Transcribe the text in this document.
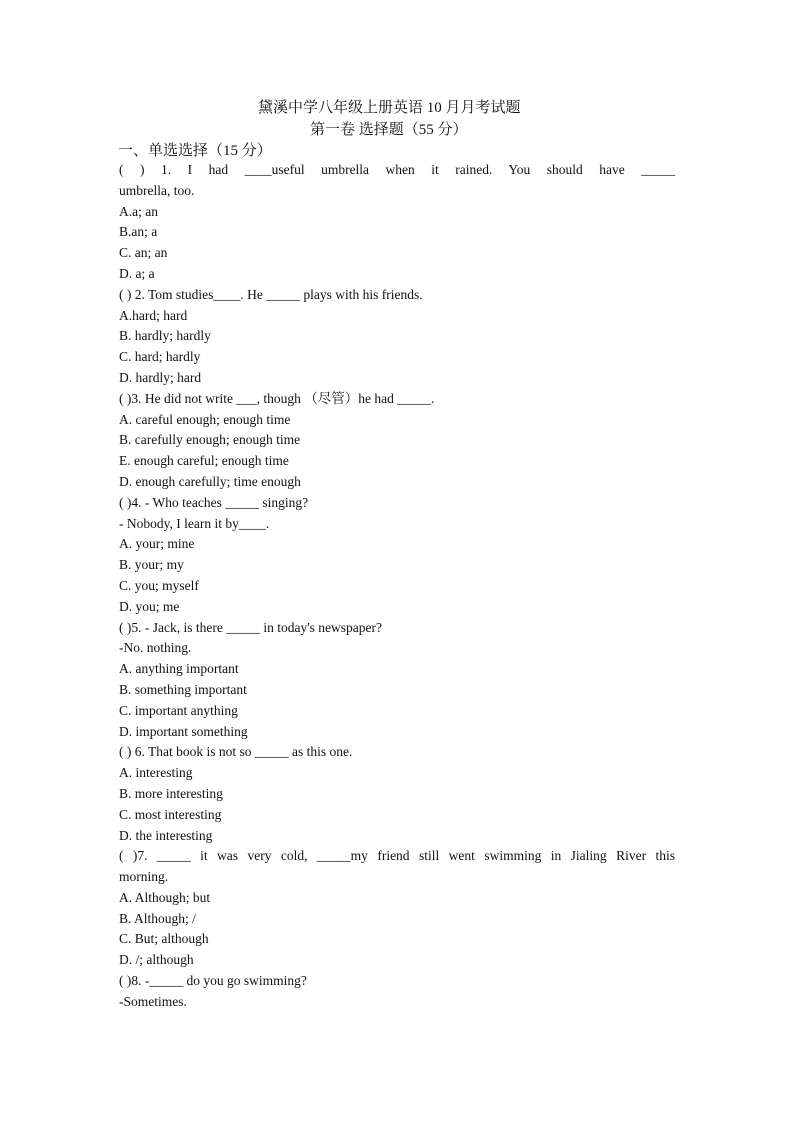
黛溪中学八年级上册英语 10 月月考试题
第一卷 选择题（55 分）
一、单选选择（15 分）
( ) 1. I had ____useful umbrella when it rained. You should have _____
umbrella, too.
A.a; an
B.an; a
C. an; an
D. a; a
( ) 2. Tom studies____. He _____ plays with his friends.
A.hard; hard
B. hardly; hardly
C. hard; hardly
D. hardly; hard
( )3. He did not write ___, though （尽管）he had _____.
A. careful enough; enough time
B. carefully enough; enough time
E. enough careful; enough time
D. enough carefully; time enough
( )4. - Who teaches _____ singing?
- Nobody, I learn it by____.
A. your; mine
B. your; my
C. you; myself
D. you; me
( )5. - Jack, is there _____ in today's newspaper?
-No. nothing.
A. anything important
B. something important
C. important anything
D. important something
( ) 6. That book is not so _____ as this one.
A. interesting
B. more interesting
C. most interesting
D. the interesting
( )7. _____ it was very cold, _____my friend still went swimming in Jialing River this
morning.
A. Although; but
B. Although; /
C. But; although
D. /; although
( )8. -_____ do you go swimming?
-Sometimes.
